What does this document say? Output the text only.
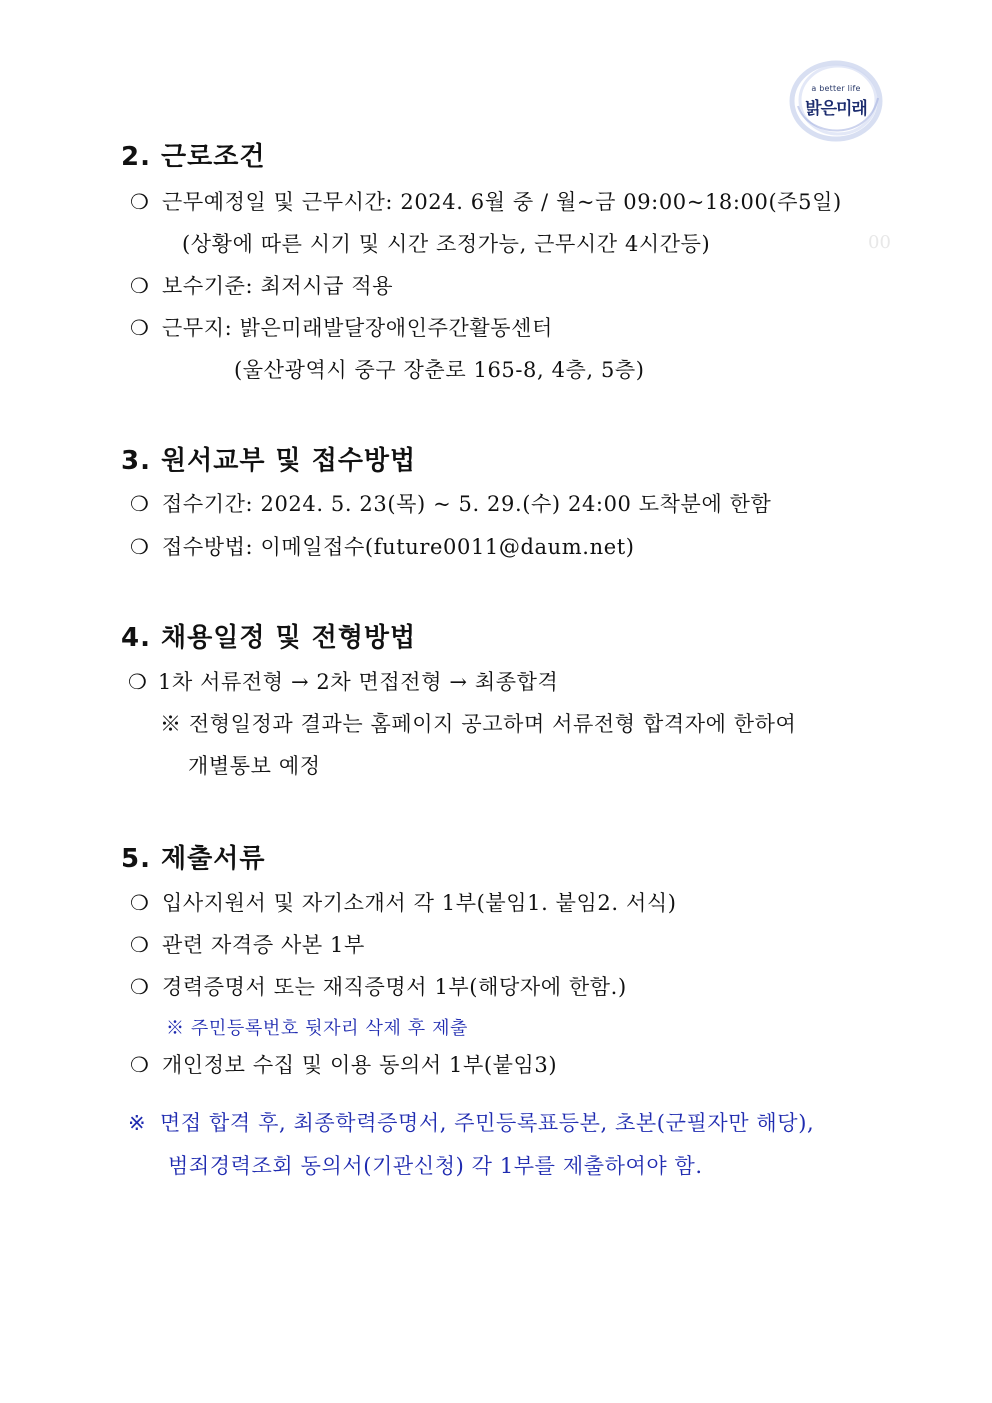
a better life
밝은미래
2. 근로조건
❍ 근무예정일 및 근무시간: 2024. 6월 중 / 월~금 09:00~18:00(주5일)
(상황에 따른 시기 및 시간 조정가능, 근무시간 4시간등)	00
❍ 보수기준: 최저시급 적용
❍ 근무지: 밝은미래발달장애인주간활동센터
(울산광역시 중구 장춘로 165-8, 4층, 5층)
3. 원서교부 및 접수방법
❍ 접수기간: 2024. 5. 23(목) ~ 5. 29.(수) 24:00 도착분에 한함
❍ 접수방법: 이메일접수(future0011@daum.net)
4. 채용일정 및 전형방법
❍ 1차 서류전형 → 2차 면접전형 → 최종합격
※ 전형일정과 결과는 홈페이지 공고하며 서류전형 합격자에 한하여
개별통보 예정
5. 제출서류
❍ 입사지원서 및 자기소개서 각 1부(붙임1. 붙임2. 서식)
❍ 관련 자격증 사본 1부
❍ 경력증명서 또는 재직증명서 1부(해당자에 한함.)
※ 주민등록번호 뒷자리 삭제 후 제출
❍ 개인정보 수집 및 이용 동의서 1부(붙임3)
※ 면접 합격 후, 최종학력증명서, 주민등록표등본, 초본(군필자만 해당),
범죄경력조회 동의서(기관신청) 각 1부를 제출하여야 함.
